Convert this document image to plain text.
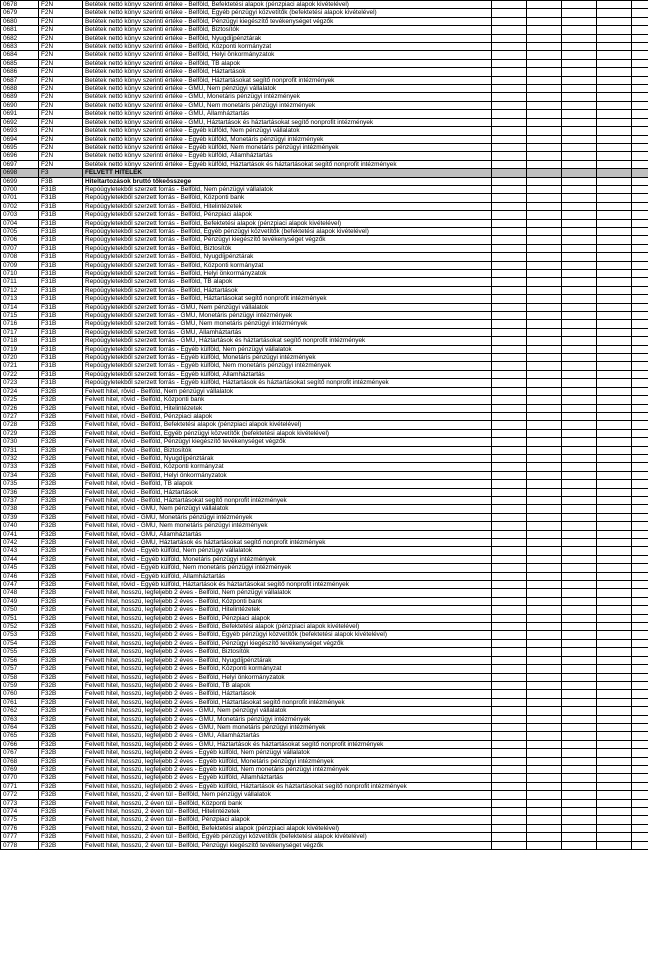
0678	F2N	Betétek nettó könyv szerinti értéke - Belföld, Befektetési alapok (pénzpiaci alapok kivételével)						
0679	F2N	Betétek nettó könyv szerinti értéke - Belföld, Egyéb pénzügyi közvetítők (befektetési alapok kivételével)						
0680	F2N	Betétek nettó könyv szerinti értéke - Belföld, Pénzügyi kiegészítő tevékenységet végzők						
0681	F2N	Betétek nettó könyv szerinti értéke - Belföld, Biztosítók						
0682	F2N	Betétek nettó könyv szerinti értéke - Belföld, Nyugdíjpénztárak						
0683	F2N	Betétek nettó könyv szerinti értéke - Belföld, Központi kormányzat						
0684	F2N	Betétek nettó könyv szerinti értéke - Belföld, Helyi önkormányzatok						
0685	F2N	Betétek nettó könyv szerinti értéke - Belföld, TB alapok						
0686	F2N	Betétek nettó könyv szerinti értéke - Belföld, Háztartások						
0687	F2N	Betétek nettó könyv szerinti értéke - Belföld, Háztartásokat segítő nonprofit intézmények						
0688	F2N	Betétek nettó könyv szerinti értéke - GMU, Nem pénzügyi vállalatok						
0689	F2N	Betétek nettó könyv szerinti értéke - GMU, Monetáris pénzügyi intézmények						
0690	F2N	Betétek nettó könyv szerinti értéke - GMU, Nem monetáris pénzügyi intézmények						
0691	F2N	Betétek nettó könyv szerinti értéke - GMU, Államháztartás						
0692	F2N	Betétek nettó könyv szerinti értéke - GMU, Háztartások és háztartásokat segítő nonprofit intézmények						
0693	F2N	Betétek nettó könyv szerinti értéke - Egyéb külföld, Nem pénzügyi vállalatok						
0694	F2N	Betétek nettó könyv szerinti értéke - Egyéb külföld, Monetáris pénzügyi intézmények						
0695	F2N	Betétek nettó könyv szerinti értéke - Egyéb külföld, Nem monetáris pénzügyi intézmények						
0696	F2N	Betétek nettó könyv szerinti értéke - Egyéb külföld, Államháztartás						
0697	F2N	Betétek nettó könyv szerinti értéke - Egyéb külföld, Háztartások és háztartásokat segítő nonprofit intézmények						
0698	F3	FELVETT HITELEK						
0699	F3B	Hiteltartozások bruttó tőkeösszege						
0700	F31B	Repóügyletekből szerzett forrás - Belföld, Nem pénzügyi vállalatok						
0701	F31B	Repóügyletekből szerzett forrás - Belföld, Központi bank						
0702	F31B	Repóügyletekből szerzett forrás - Belföld, Hitelintézetek						
0703	F31B	Repóügyletekből szerzett forrás - Belföld, Pénzpiaci alapok						
0704	F31B	Repóügyletekből szerzett forrás - Belföld, Befektetési alapok (pénzpiaci alapok kivételével)						
0705	F31B	Repóügyletekből szerzett forrás - Belföld, Egyéb pénzügyi közvetítők (befektetési alapok kivételével)						
0706	F31B	Repóügyletekből szerzett forrás - Belföld, Pénzügyi kiegészítő tevékenységet végzők						
0707	F31B	Repóügyletekből szerzett forrás - Belföld, Biztosítók						
0708	F31B	Repóügyletekből szerzett forrás - Belföld, Nyugdíjpénztárak						
0709	F31B	Repóügyletekből szerzett forrás - Belföld, Központi kormányzat						
0710	F31B	Repóügyletekből szerzett forrás - Belföld, Helyi önkormányzatok						
0711	F31B	Repóügyletekből szerzett forrás - Belföld, TB alapok						
0712	F31B	Repóügyletekből szerzett forrás - Belföld, Háztartások						
0713	F31B	Repóügyletekből szerzett forrás - Belföld, Háztartásokat segítő nonprofit intézmények						
0714	F31B	Repóügyletekből szerzett forrás - GMU, Nem pénzügyi vállalatok						
0715	F31B	Repóügyletekből szerzett forrás - GMU, Monetáris pénzügyi intézmények						
0716	F31B	Repóügyletekből szerzett forrás - GMU, Nem monetáris pénzügyi intézmények						
0717	F31B	Repóügyletekből szerzett forrás - GMU, Államháztartás						
0718	F31B	Repóügyletekből szerzett forrás - GMU, Háztartások és háztartásokat segítő nonprofit intézmények						
0719	F31B	Repóügyletekből szerzett forrás - Egyéb külföld, Nem pénzügyi vállalatok						
0720	F31B	Repóügyletekből szerzett forrás - Egyéb külföld, Monetáris pénzügyi intézmények						
0721	F31B	Repóügyletekből szerzett forrás - Egyéb külföld, Nem monetáris pénzügyi intézmények						
0722	F31B	Repóügyletekből szerzett forrás - Egyéb külföld, Államháztartás						
0723	F31B	Repóügyletekből szerzett forrás - Egyéb külföld, Háztartások és háztartásokat segítő nonprofit intézmények						
0724	F32B	Felvett hitel, rövid - Belföld, Nem pénzügyi vállalatok						
0725	F32B	Felvett hitel, rövid - Belföld, Központi bank						
0726	F32B	Felvett hitel, rövid - Belföld, Hitelintézetek						
0727	F32B	Felvett hitel, rövid - Belföld, Pénzpiaci alapok						
0728	F32B	Felvett hitel, rövid - Belföld, Befektetési alapok (pénzpiaci alapok kivételével)						
0729	F32B	Felvett hitel, rövid - Belföld, Egyéb pénzügyi közvetítők (befektetési alapok kivételével)						
0730	F32B	Felvett hitel, rövid - Belföld, Pénzügyi kiegészítő tevékenységet végzők						
0731	F32B	Felvett hitel, rövid - Belföld, Biztosítók						
0732	F32B	Felvett hitel, rövid - Belföld, Nyugdíjpénztárak						
0733	F32B	Felvett hitel, rövid - Belföld, Központi kormányzat						
0734	F32B	Felvett hitel, rövid - Belföld, Helyi önkormányzatok						
0735	F32B	Felvett hitel, rövid - Belföld, TB alapok						
0736	F32B	Felvett hitel, rövid - Belföld, Háztartások						
0737	F32B	Felvett hitel, rövid - Belföld, Háztartásokat segítő nonprofit intézmények						
0738	F32B	Felvett hitel, rövid - GMU, Nem pénzügyi vállalatok						
0739	F32B	Felvett hitel, rövid - GMU, Monetáris pénzügyi intézmények						
0740	F32B	Felvett hitel, rövid - GMU, Nem monetáris pénzügyi intézmények						
0741	F32B	Felvett hitel, rövid - GMU, Államháztartás						
0742	F32B	Felvett hitel, rövid - GMU, Háztartások és háztartásokat segítő nonprofit intézmények						
0743	F32B	Felvett hitel, rövid - Egyéb külföld, Nem pénzügyi vállalatok						
0744	F32B	Felvett hitel, rövid - Egyéb külföld, Monetáris pénzügyi intézmények						
0745	F32B	Felvett hitel, rövid - Egyéb külföld, Nem monetáris pénzügyi intézmények						
0746	F32B	Felvett hitel, rövid - Egyéb külföld, Államháztartás						
0747	F32B	Felvett hitel, rövid - Egyéb külföld, Háztartások és háztartásokat segítő nonprofit intézmények						
0748	F32B	Felvett hitel, hosszú, legfeljebb 2 éves - Belföld, Nem pénzügyi vállalatok						
0749	F32B	Felvett hitel, hosszú, legfeljebb 2 éves - Belföld, Központi bank						
0750	F32B	Felvett hitel, hosszú, legfeljebb 2 éves - Belföld, Hitelintézetek						
0751	F32B	Felvett hitel, hosszú, legfeljebb 2 éves - Belföld, Pénzpiaci alapok						
0752	F32B	Felvett hitel, hosszú, legfeljebb 2 éves - Belföld, Befektetési alapok (pénzpiaci alapok kivételével)						
0753	F32B	Felvett hitel, hosszú, legfeljebb 2 éves - Belföld, Egyéb pénzügyi közvetítők (befektetési alapok kivételével)						
0754	F32B	Felvett hitel, hosszú, legfeljebb 2 éves - Belföld, Pénzügyi kiegészítő tevékenységet végzők						
0755	F32B	Felvett hitel, hosszú, legfeljebb 2 éves - Belföld, Biztosítók						
0756	F32B	Felvett hitel, hosszú, legfeljebb 2 éves - Belföld, Nyugdíjpénztárak						
0757	F32B	Felvett hitel, hosszú, legfeljebb 2 éves - Belföld, Központi kormányzat						
0758	F32B	Felvett hitel, hosszú, legfeljebb 2 éves - Belföld, Helyi önkormányzatok						
0759	F32B	Felvett hitel, hosszú, legfeljebb 2 éves - Belföld, TB alapok						
0760	F32B	Felvett hitel, hosszú, legfeljebb 2 éves - Belföld, Háztartások						
0761	F32B	Felvett hitel, hosszú, legfeljebb 2 éves - Belföld, Háztartásokat segítő nonprofit intézmények						
0762	F32B	Felvett hitel, hosszú, legfeljebb 2 éves - GMU, Nem pénzügyi vállalatok						
0763	F32B	Felvett hitel, hosszú, legfeljebb 2 éves - GMU, Monetáris pénzügyi intézmények						
0764	F32B	Felvett hitel, hosszú, legfeljebb 2 éves - GMU, Nem monetáris pénzügyi intézmények						
0765	F32B	Felvett hitel, hosszú, legfeljebb 2 éves - GMU, Államháztartás						
0766	F32B	Felvett hitel, hosszú, legfeljebb 2 éves - GMU, Háztartások és háztartásokat segítő nonprofit intézmények						
0767	F32B	Felvett hitel, hosszú, legfeljebb 2 éves - Egyéb külföld, Nem pénzügyi vállalatok						
0768	F32B	Felvett hitel, hosszú, legfeljebb 2 éves - Egyéb külföld, Monetáris pénzügyi intézmények						
0769	F32B	Felvett hitel, hosszú, legfeljebb 2 éves - Egyéb külföld, Nem monetáris pénzügyi intézmények						
0770	F32B	Felvett hitel, hosszú, legfeljebb 2 éves - Egyéb külföld, Államháztartás						
0771	F32B	Felvett hitel, hosszú, legfeljebb 2 éves - Egyéb külföld, Háztartások és háztartásokat segítő nonprofit intézmények						
0772	F32B	Felvett hitel, hosszú, 2 éven túl - Belföld, Nem pénzügyi vállalatok						
0773	F32B	Felvett hitel, hosszú, 2 éven túl - Belföld, Központi bank						
0774	F32B	Felvett hitel, hosszú, 2 éven túl - Belföld, Hitelintézetek						
0775	F32B	Felvett hitel, hosszú, 2 éven túl - Belföld, Pénzpiaci alapok						
0776	F32B	Felvett hitel, hosszú, 2 éven túl - Belföld, Befektetési alapok (pénzpiaci alapok kivételével)						
0777	F32B	Felvett hitel, hosszú, 2 éven túl - Belföld, Egyéb pénzügyi közvetítők (befektetési alapok kivételével)						
0778	F32B	Felvett hitel, hosszú, 2 éven túl - Belföld, Pénzügyi kiegészítő tevékenységet végzők						
